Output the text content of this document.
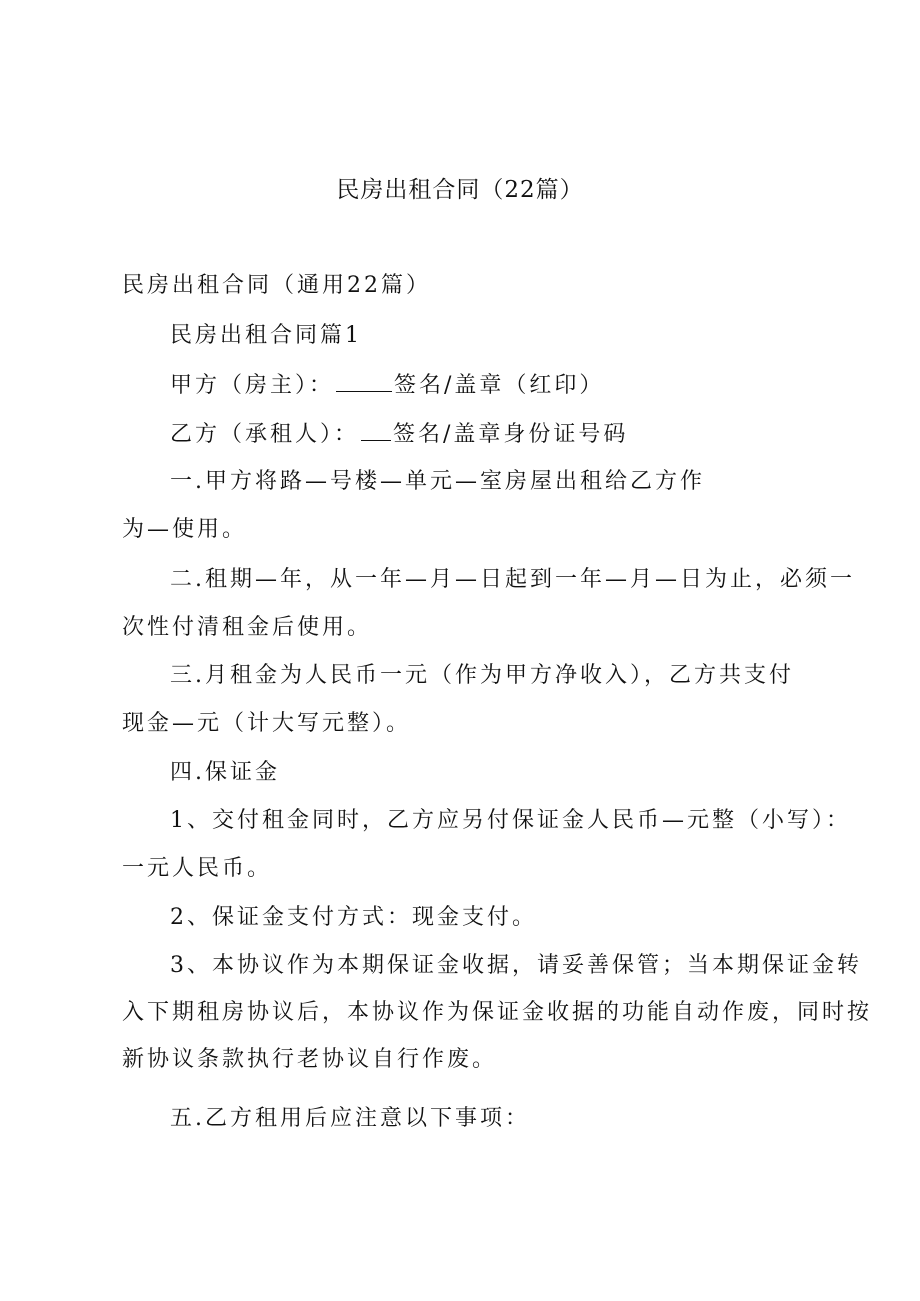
民房出租合同（22篇）
民房出租合同（通用22篇）
民房出租合同篇1
甲方（房主）：	签名/盖章（红印）
乙方（承租人）： 签名/盖章身份证号码
一.甲方将路—号楼—单元—室房屋出租给乙方作
为—使用。
二.租期—年，从一年—月—日起到一年—月—日为止，必须一
次性付清租金后使用。
三.月租金为人民币一元（作为甲方净收入），乙方共支付
现金—元（计大写元整）。
四.保证金
1、交付租金同时，乙方应另付保证金人民币—元整（小写）：
一元人民币。
2、保证金支付方式：现金支付。
3、本协议作为本期保证金收据，请妥善保管；当本期保证金转
入下期租房协议后，本协议作为保证金收据的功能自动作废，同时按
新协议条款执行老协议自行作废。
五.乙方租用后应注意以下事项：
